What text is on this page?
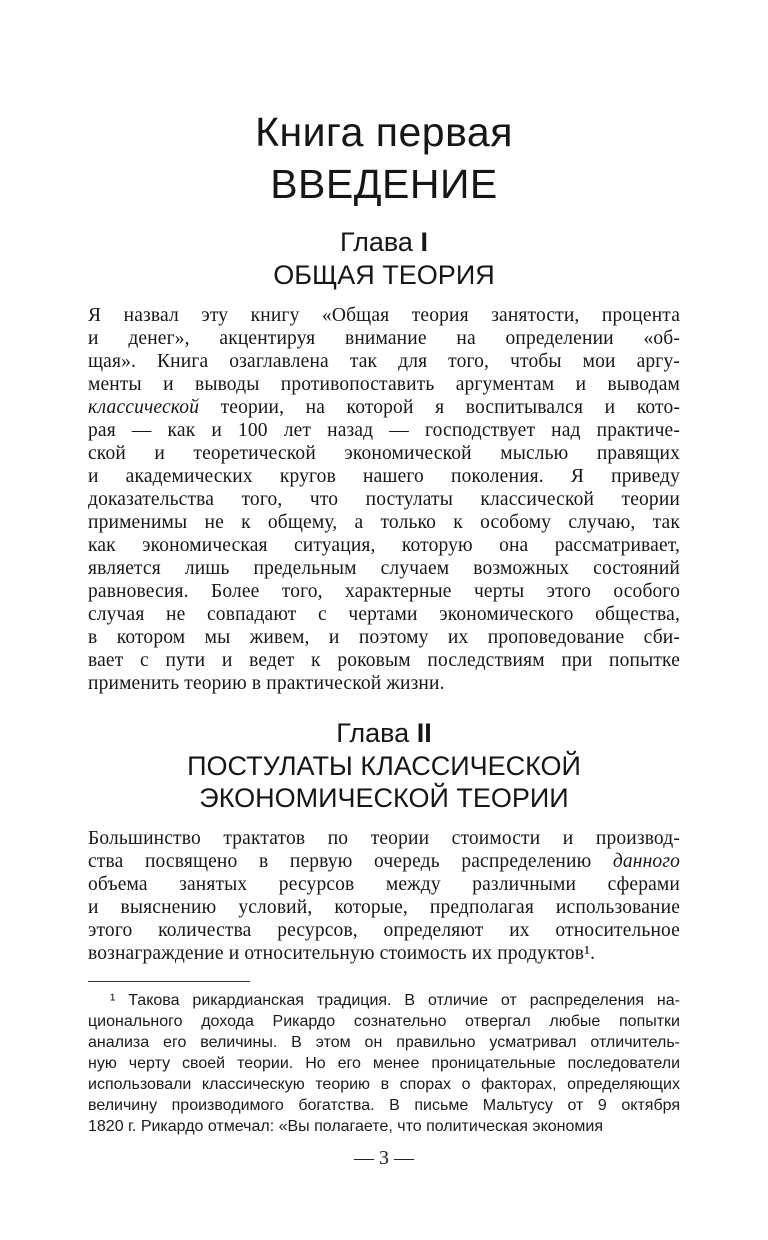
Книга первая
ВВЕДЕНИЕ
Глава I
ОБЩАЯ ТЕОРИЯ
Я назвал эту книгу «Общая теория занятости, процента
и денег», акцентируя внимание на определении «об-
щая». Книга озаглавлена так для того, чтобы мои аргу-
менты и выводы противопоставить аргументам и выводам
классической теории, на которой я воспитывался и кото-
рая — как и 100 лет назад — господствует над практиче-
ской и теоретической экономической мыслью правящих
и академических кругов нашего поколения. Я приведу
доказательства того, что постулаты классической теории
применимы не к общему, а только к особому случаю, так
как экономическая ситуация, которую она рассматривает,
является лишь предельным случаем возможных состояний
равновесия. Более того, характерные черты этого особого
случая не совпадают с чертами экономического общества,
в котором мы живем, и поэтому их проповедование сби-
вает с пути и ведет к роковым последствиям при попытке
применить теорию в практической жизни.
Глава II
ПОСТУЛАТЫ КЛАССИЧЕСКОЙ
ЭКОНОМИЧЕСКОЙ ТЕОРИИ
Большинство трактатов по теории стоимости и производ-
ства посвящено в первую очередь распределению данного
объема занятых ресурсов между различными сферами
и выяснению условий, которые, предполагая использование
этого количества ресурсов, определяют их относительное
вознаграждение и относительную стоимость их продуктов¹.
¹ Такова рикардианская традиция. В отличие от распределения на-
ционального дохода Рикардо сознательно отвергал любые попытки
анализа его величины. В этом он правильно усматривал отличитель-
ную черту своей теории. Но его менее проницательные последователи
использовали классическую теорию в спорах о факторах, определяющих
величину производимого богатства. В письме Мальтусу от 9 октября
1820 г. Рикардо отмечал: «Вы полагаете, что политическая экономия
— 3 —
